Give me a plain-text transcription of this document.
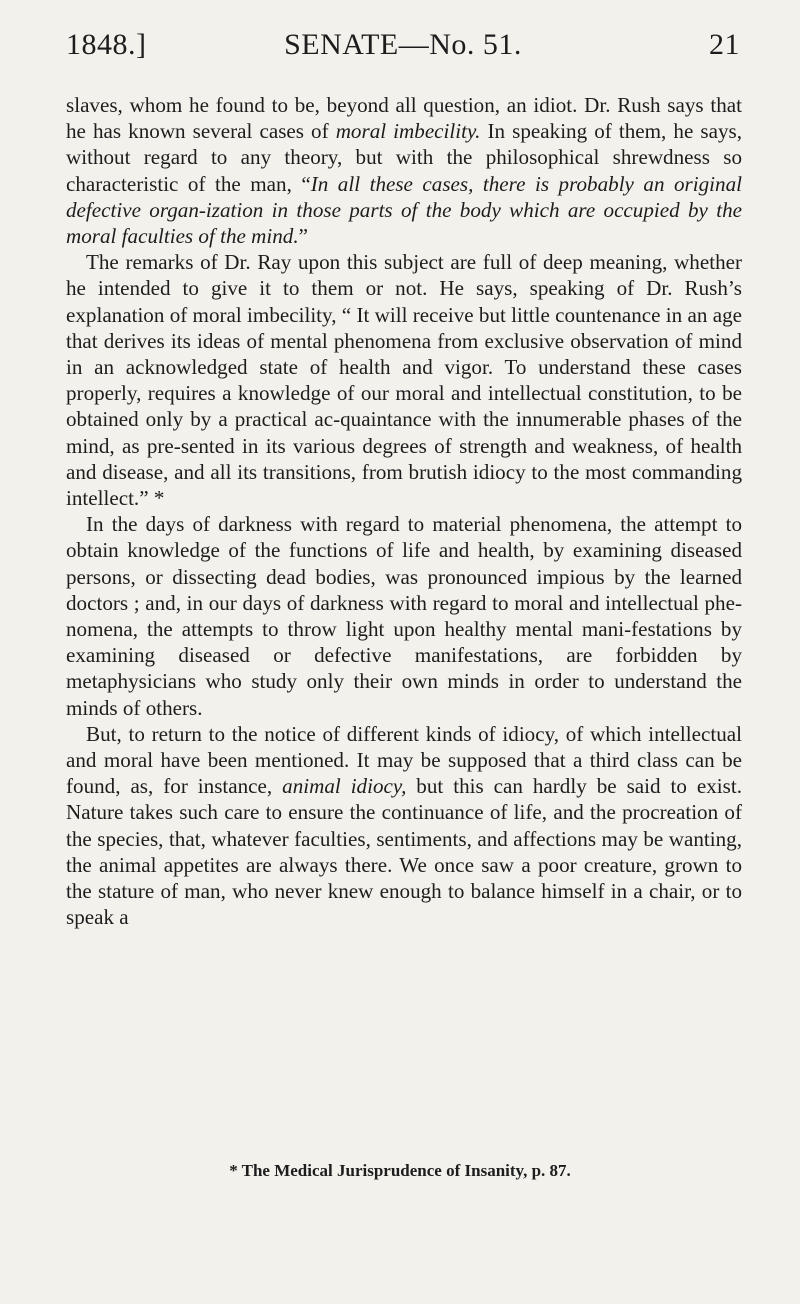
SENATE—No. 51.
1848.]	21

slaves, whom he found to be, beyond all question, an idiot. Dr. Rush says that he has known several cases of moral imbecility. In speaking of them, he says, without regard to any theory, but with the philosophical shrewdness so characteristic of the man, “In all these cases, there is probably an original defective organ-ization in those parts of the body which are occupied by the moral faculties of the mind.”

The remarks of Dr. Ray upon this subject are full of deep meaning, whether he intended to give it to them or not. He says, speaking of Dr. Rush’s explanation of moral imbecility, “ It will receive but little countenance in an age that derives its ideas of mental phenomena from exclusive observation of mind in an acknowledged state of health and vigor. To understand these cases properly, requires a knowledge of our moral and intellectual constitution, to be obtained only by a practical ac-quaintance with the innumerable phases of the mind, as pre-sented in its various degrees of strength and weakness, of health and disease, and all its transitions, from brutish idiocy to the most commanding intellect.” *

In the days of darkness with regard to material phenomena, the attempt to obtain knowledge of the functions of life and health, by examining diseased persons, or dissecting dead bodies, was pronounced impious by the learned doctors ; and, in our days of darkness with regard to moral and intellectual phe-nomena, the attempts to throw light upon healthy mental mani-festations by examining diseased or defective manifestations, are forbidden by metaphysicians who study only their own minds in order to understand the minds of others.

But, to return to the notice of different kinds of idiocy, of which intellectual and moral have been mentioned. It may be supposed that a third class can be found, as, for instance, animal idiocy, but this can hardly be said to exist. Nature takes such care to ensure the continuance of life, and the procreation of the species, that, whatever faculties, sentiments, and affections may be wanting, the animal appetites are always there. We once saw a poor creature, grown to the stature of man, who never knew enough to balance himself in a chair, or to speak a

* The Medical Jurisprudence of Insanity, p. 87.
